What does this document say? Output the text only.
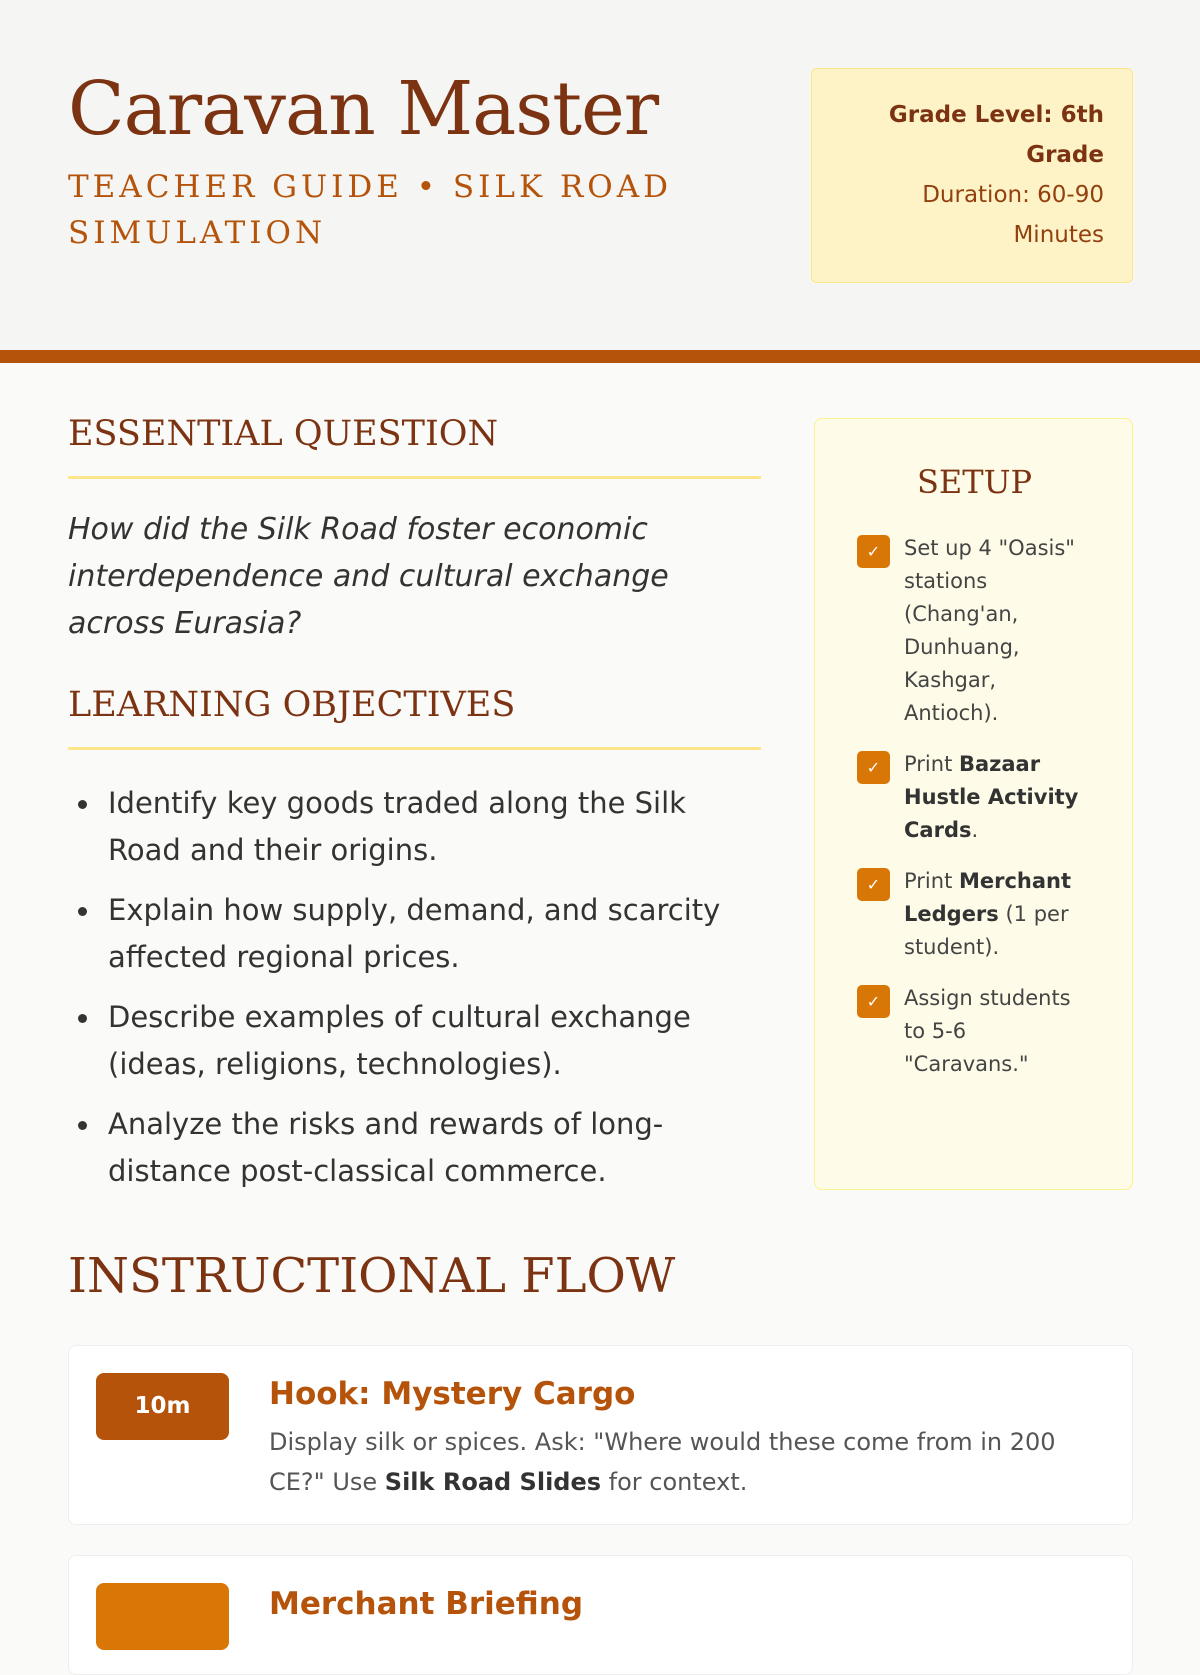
Caravan Master
TEACHER GUIDE • SILK ROAD SIMULATION
Grade Level: 6th Grade
Duration: 60-90 Minutes
ESSENTIAL QUESTION
How did the Silk Road foster economic interdependence and cultural exchange across Eurasia?
LEARNING OBJECTIVES
Identify key goods traded along the Silk Road and their origins.
Explain how supply, demand, and scarcity affected regional prices.
Describe examples of cultural exchange (ideas, religions, technologies).
Analyze the risks and rewards of long-distance post-classical commerce.
SETUP
✓	Set up 4 "Oasis" stations (Chang'an, Dunhuang, Kashgar, Antioch).
✓	Print Bazaar Hustle Activity Cards.
✓	Print Merchant Ledgers (1 per student).
✓	Assign students to 5-6 "Caravans."
INSTRUCTIONAL FLOW
10m	Hook: Mystery Cargo
Display silk or spices. Ask: "Where would these come from in 200 CE?" Use Silk Road Slides for context.
Merchant Briefing
